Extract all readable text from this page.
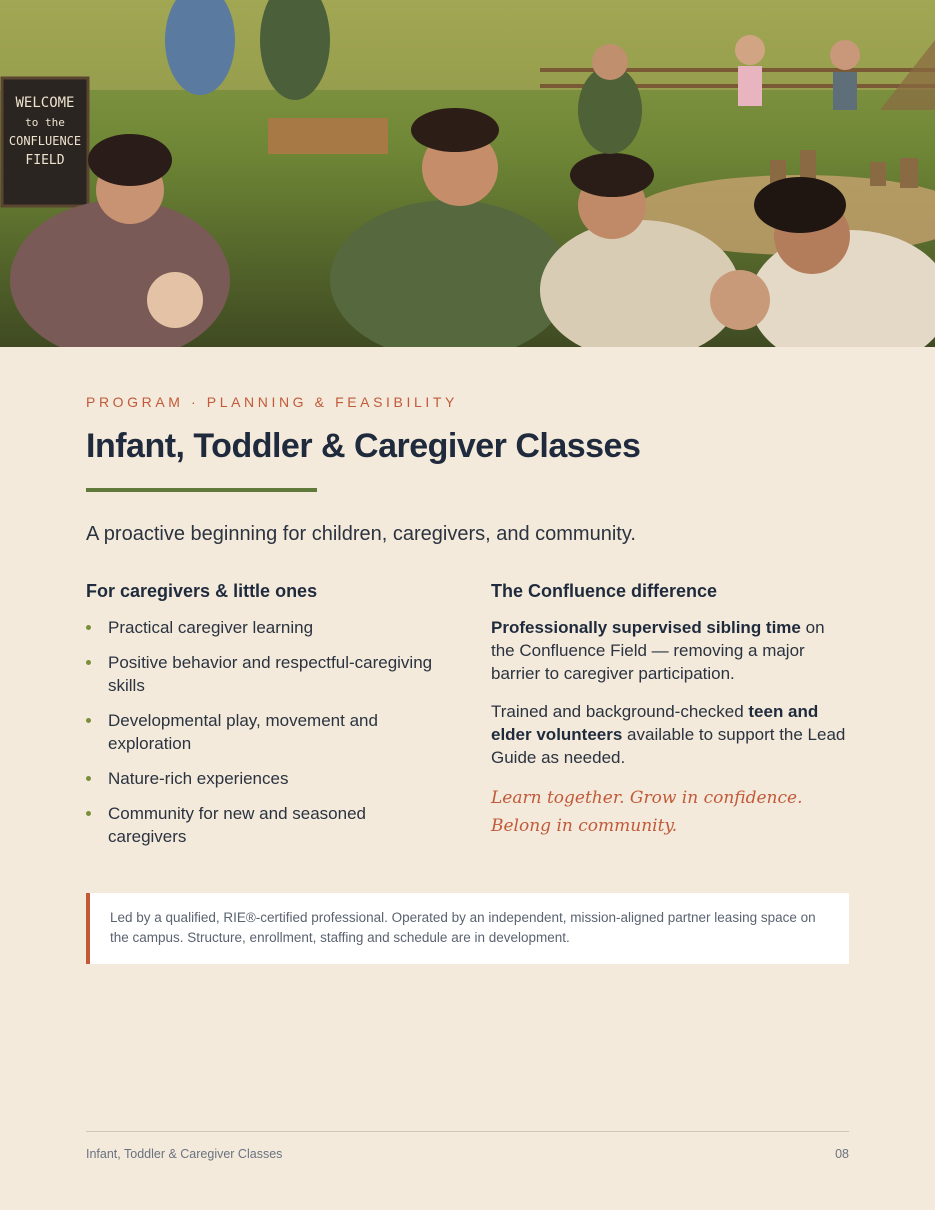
WELCOME
to the
CONFLUENCE
FIELD
PROGRAM · PLANNING & FEASIBILITY
Infant, Toddler & Caregiver Classes

A proactive beginning for children, caregivers, and community.

For caregivers & little ones
Practical caregiver learning
Positive behavior and respectful-caregiving skills
Developmental play, movement and exploration
Nature-rich experiences
Community for new and seasoned caregivers
The Confluence difference

Professionally supervised sibling time on the Confluence Field — removing a major barrier to caregiver participation.

Trained and background-checked teen and elder volunteers available to support the Lead Guide as needed.

Learn together. Grow in confidence. Belong in community.

Led by a qualified, RIE®-certified professional. Operated by an independent, mission-aligned partner leasing space on the campus. Structure, enrollment, staffing and schedule are in development.
Infant, Toddler & Caregiver Classes	08
